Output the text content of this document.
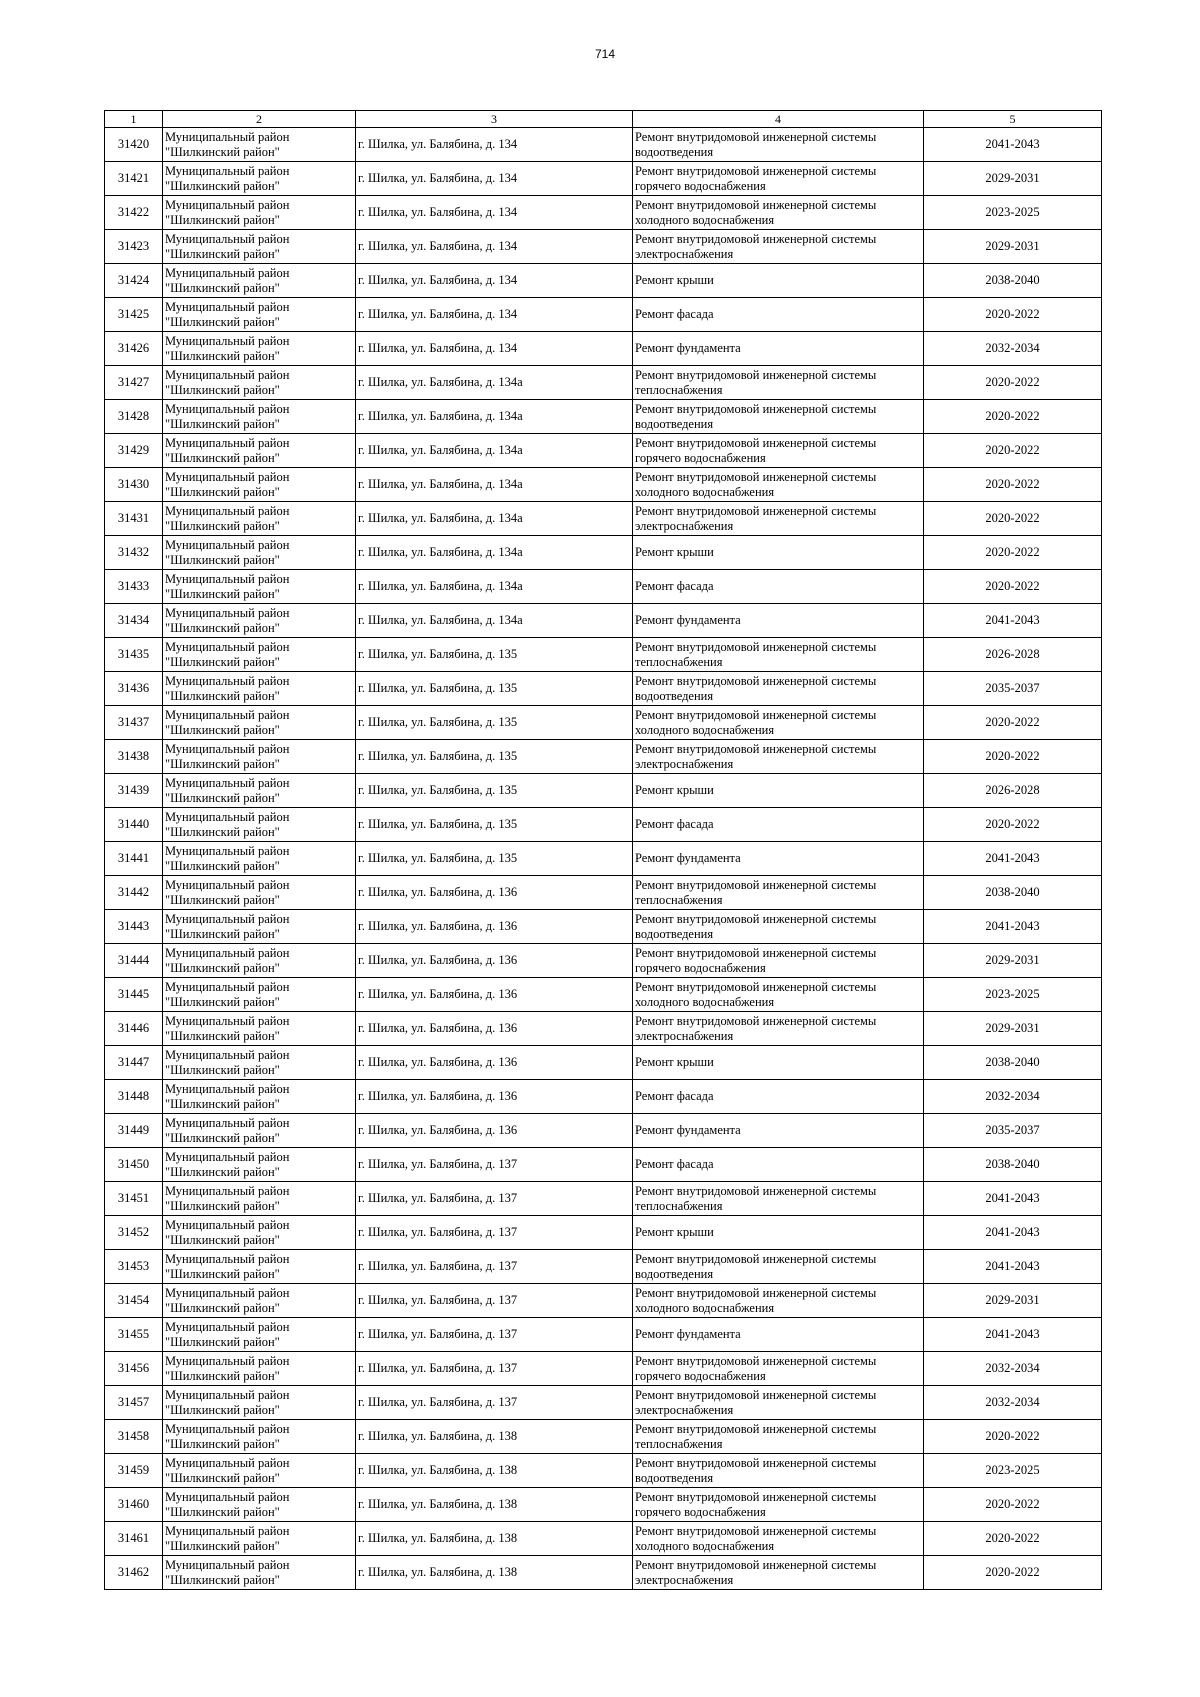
714
1	2	3	4	5
31420	Муниципальный район "Шилкинский район"	г. Шилка, ул. Балябина, д. 134	Ремонт внутридомовой инженерной системы водоотведения	2041-2043
31421	Муниципальный район "Шилкинский район"	г. Шилка, ул. Балябина, д. 134	Ремонт внутридомовой инженерной системы горячего водоснабжения	2029-2031
31422	Муниципальный район "Шилкинский район"	г. Шилка, ул. Балябина, д. 134	Ремонт внутридомовой инженерной системы холодного водоснабжения	2023-2025
31423	Муниципальный район "Шилкинский район"	г. Шилка, ул. Балябина, д. 134	Ремонт внутридомовой инженерной системы электроснабжения	2029-2031
31424	Муниципальный район "Шилкинский район"	г. Шилка, ул. Балябина, д. 134	Ремонт крыши	2038-2040
31425	Муниципальный район "Шилкинский район"	г. Шилка, ул. Балябина, д. 134	Ремонт фасада	2020-2022
31426	Муниципальный район "Шилкинский район"	г. Шилка, ул. Балябина, д. 134	Ремонт фундамента	2032-2034
31427	Муниципальный район "Шилкинский район"	г. Шилка, ул. Балябина, д. 134а	Ремонт внутридомовой инженерной системы теплоснабжения	2020-2022
31428	Муниципальный район "Шилкинский район"	г. Шилка, ул. Балябина, д. 134а	Ремонт внутридомовой инженерной системы водоотведения	2020-2022
31429	Муниципальный район "Шилкинский район"	г. Шилка, ул. Балябина, д. 134а	Ремонт внутридомовой инженерной системы горячего водоснабжения	2020-2022
31430	Муниципальный район "Шилкинский район"	г. Шилка, ул. Балябина, д. 134а	Ремонт внутридомовой инженерной системы холодного водоснабжения	2020-2022
31431	Муниципальный район "Шилкинский район"	г. Шилка, ул. Балябина, д. 134а	Ремонт внутридомовой инженерной системы электроснабжения	2020-2022
31432	Муниципальный район "Шилкинский район"	г. Шилка, ул. Балябина, д. 134а	Ремонт крыши	2020-2022
31433	Муниципальный район "Шилкинский район"	г. Шилка, ул. Балябина, д. 134а	Ремонт фасада	2020-2022
31434	Муниципальный район "Шилкинский район"	г. Шилка, ул. Балябина, д. 134а	Ремонт фундамента	2041-2043
31435	Муниципальный район "Шилкинский район"	г. Шилка, ул. Балябина, д. 135	Ремонт внутридомовой инженерной системы теплоснабжения	2026-2028
31436	Муниципальный район "Шилкинский район"	г. Шилка, ул. Балябина, д. 135	Ремонт внутридомовой инженерной системы водоотведения	2035-2037
31437	Муниципальный район "Шилкинский район"	г. Шилка, ул. Балябина, д. 135	Ремонт внутридомовой инженерной системы холодного водоснабжения	2020-2022
31438	Муниципальный район "Шилкинский район"	г. Шилка, ул. Балябина, д. 135	Ремонт внутридомовой инженерной системы электроснабжения	2020-2022
31439	Муниципальный район "Шилкинский район"	г. Шилка, ул. Балябина, д. 135	Ремонт крыши	2026-2028
31440	Муниципальный район "Шилкинский район"	г. Шилка, ул. Балябина, д. 135	Ремонт фасада	2020-2022
31441	Муниципальный район "Шилкинский район"	г. Шилка, ул. Балябина, д. 135	Ремонт фундамента	2041-2043
31442	Муниципальный район "Шилкинский район"	г. Шилка, ул. Балябина, д. 136	Ремонт внутридомовой инженерной системы теплоснабжения	2038-2040
31443	Муниципальный район "Шилкинский район"	г. Шилка, ул. Балябина, д. 136	Ремонт внутридомовой инженерной системы водоотведения	2041-2043
31444	Муниципальный район "Шилкинский район"	г. Шилка, ул. Балябина, д. 136	Ремонт внутридомовой инженерной системы горячего водоснабжения	2029-2031
31445	Муниципальный район "Шилкинский район"	г. Шилка, ул. Балябина, д. 136	Ремонт внутридомовой инженерной системы холодного водоснабжения	2023-2025
31446	Муниципальный район "Шилкинский район"	г. Шилка, ул. Балябина, д. 136	Ремонт внутридомовой инженерной системы электроснабжения	2029-2031
31447	Муниципальный район "Шилкинский район"	г. Шилка, ул. Балябина, д. 136	Ремонт крыши	2038-2040
31448	Муниципальный район "Шилкинский район"	г. Шилка, ул. Балябина, д. 136	Ремонт фасада	2032-2034
31449	Муниципальный район "Шилкинский район"	г. Шилка, ул. Балябина, д. 136	Ремонт фундамента	2035-2037
31450	Муниципальный район "Шилкинский район"	г. Шилка, ул. Балябина, д. 137	Ремонт фасада	2038-2040
31451	Муниципальный район "Шилкинский район"	г. Шилка, ул. Балябина, д. 137	Ремонт внутридомовой инженерной системы теплоснабжения	2041-2043
31452	Муниципальный район "Шилкинский район"	г. Шилка, ул. Балябина, д. 137	Ремонт крыши	2041-2043
31453	Муниципальный район "Шилкинский район"	г. Шилка, ул. Балябина, д. 137	Ремонт внутридомовой инженерной системы водоотведения	2041-2043
31454	Муниципальный район "Шилкинский район"	г. Шилка, ул. Балябина, д. 137	Ремонт внутридомовой инженерной системы холодного водоснабжения	2029-2031
31455	Муниципальный район "Шилкинский район"	г. Шилка, ул. Балябина, д. 137	Ремонт фундамента	2041-2043
31456	Муниципальный район "Шилкинский район"	г. Шилка, ул. Балябина, д. 137	Ремонт внутридомовой инженерной системы горячего водоснабжения	2032-2034
31457	Муниципальный район "Шилкинский район"	г. Шилка, ул. Балябина, д. 137	Ремонт внутридомовой инженерной системы электроснабжения	2032-2034
31458	Муниципальный район "Шилкинский район"	г. Шилка, ул. Балябина, д. 138	Ремонт внутридомовой инженерной системы теплоснабжения	2020-2022
31459	Муниципальный район "Шилкинский район"	г. Шилка, ул. Балябина, д. 138	Ремонт внутридомовой инженерной системы водоотведения	2023-2025
31460	Муниципальный район "Шилкинский район"	г. Шилка, ул. Балябина, д. 138	Ремонт внутридомовой инженерной системы горячего водоснабжения	2020-2022
31461	Муниципальный район "Шилкинский район"	г. Шилка, ул. Балябина, д. 138	Ремонт внутридомовой инженерной системы холодного водоснабжения	2020-2022
31462	Муниципальный район "Шилкинский район"	г. Шилка, ул. Балябина, д. 138	Ремонт внутридомовой инженерной системы электроснабжения	2020-2022
